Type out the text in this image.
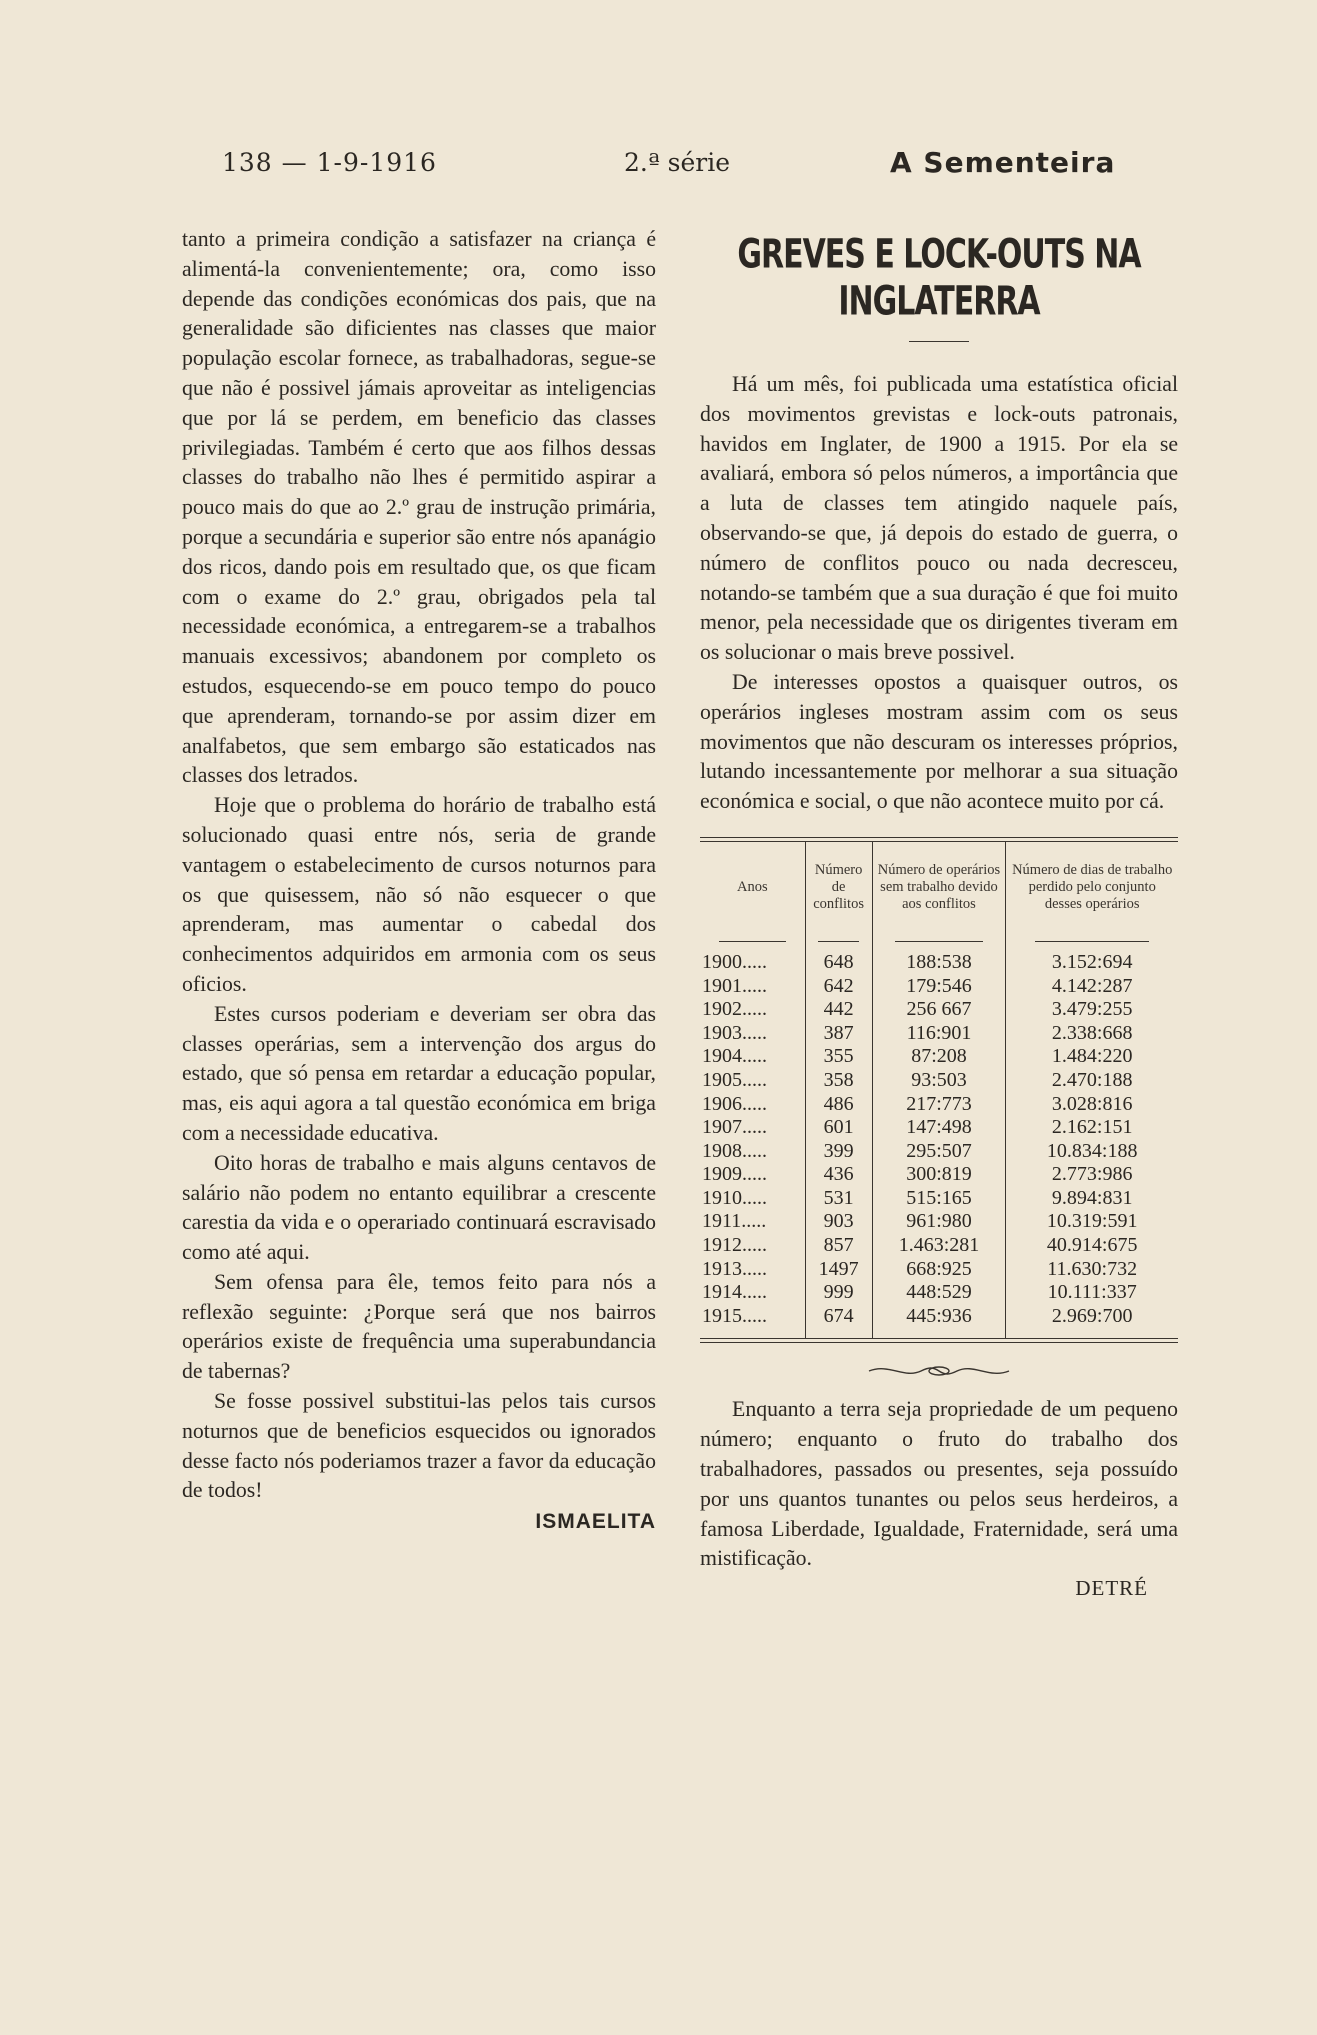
138 — 1-9-1916	2.ª série	A Sementeira

tanto a primeira condição a satisfazer na criança é alimentá-la convenientemente; ora, como isso depende das condições económicas dos pais, que na generalidade são dificientes nas classes que maior população escolar fornece, as trabalhadoras, segue-se que não é possivel jámais aproveitar as inteligencias que por lá se perdem, em beneficio das classes privilegiadas. Também é certo que aos filhos dessas classes do trabalho não lhes é permitido aspirar a pouco mais do que ao 2.º grau de instrução primária, porque a secundária e superior são entre nós apanágio dos ricos, dando pois em resultado que, os que ficam com o exame do 2.º grau, obrigados pela tal necessidade económica, a entregarem-se a trabalhos manuais excessivos; abandonem por completo os estudos, esquecendo-se em pouco tempo do pouco que aprenderam, tornando-se por assim dizer em analfabetos, que sem embargo são estaticados nas classes dos letrados.

Hoje que o problema do horário de trabalho está solucionado quasi entre nós, seria de grande vantagem o estabelecimento de cursos noturnos para os que quisessem, não só não esquecer o que aprenderam, mas aumentar o cabedal dos conhecimentos adquiridos em armonia com os seus oficios.

Estes cursos poderiam e deveriam ser obra das classes operárias, sem a intervenção dos argus do estado, que só pensa em retardar a educação popular, mas, eis aqui agora a tal questão económica em briga com a necessidade educativa.

Oito horas de trabalho e mais alguns centavos de salário não podem no entanto equilibrar a crescente carestia da vida e o operariado continuará escravisado como até aqui.

Sem ofensa para êle, temos feito para nós a reflexão seguinte: ¿Porque será que nos bairros operários existe de frequência uma superabundancia de tabernas?

Se fosse possivel substitui-las pelos tais cursos noturnos que de beneficios esquecidos ou ignorados desse facto nós poderiamos trazer a favor da educação de todos!

ISMAELITA
GREVES E LOCK-OUTS NA INGLATERRA

Há um mês, foi publicada uma estatística oficial dos movimentos grevistas e lock-outs patronais, havidos em Inglater, de 1900 a 1915. Por ela se avaliará, embora só pelos números, a importância que a luta de classes tem atingido naquele país, observando-se que, já depois do estado de guerra, o número de conflitos pouco ou nada decresceu, notando-se também que a sua duração é que foi muito menor, pela necessidade que os dirigentes tiveram em os solucionar o mais breve possivel.

De interesses opostos a quaisquer outros, os operários ingleses mostram assim com os seus movimentos que não descuram os interesses próprios, lutando incessantemente por melhorar a sua situação económica e social, o que não acontece muito por cá.

Anos	Número de conflitos	Número de operários sem trabalho devido aos conflitos	Número de dias de trabalho perdido pelo conjunto desses operários

1900.....	648	188:538	3.152:694
1901.....	642	179:546	4.142:287
1902.....	442	256 667	3.479:255
1903.....	387	116:901	2.338:668
1904.....	355	87:208	1.484:220
1905.....	358	93:503	2.470:188
1906.....	486	217:773	3.028:816
1907.....	601	147:498	2.162:151
1908.....	399	295:507	10.834:188
1909.....	436	300:819	2.773:986
1910.....	531	515:165	9.894:831
1911.....	903	961:980	10.319:591
1912.....	857	1.463:281	40.914:675
1913.....	1497	668:925	11.630:732
1914.....	999	448:529	10.111:337
1915.....	674	445:936	2.969:700

Enquanto a terra seja propriedade de um pequeno número; enquanto o fruto do trabalho dos trabalhadores, passados ou presentes, seja possuído por uns quantos tunantes ou pelos seus herdeiros, a famosa Liberdade, Igualdade, Fraternidade, será uma mistificação.

DETRÉ
